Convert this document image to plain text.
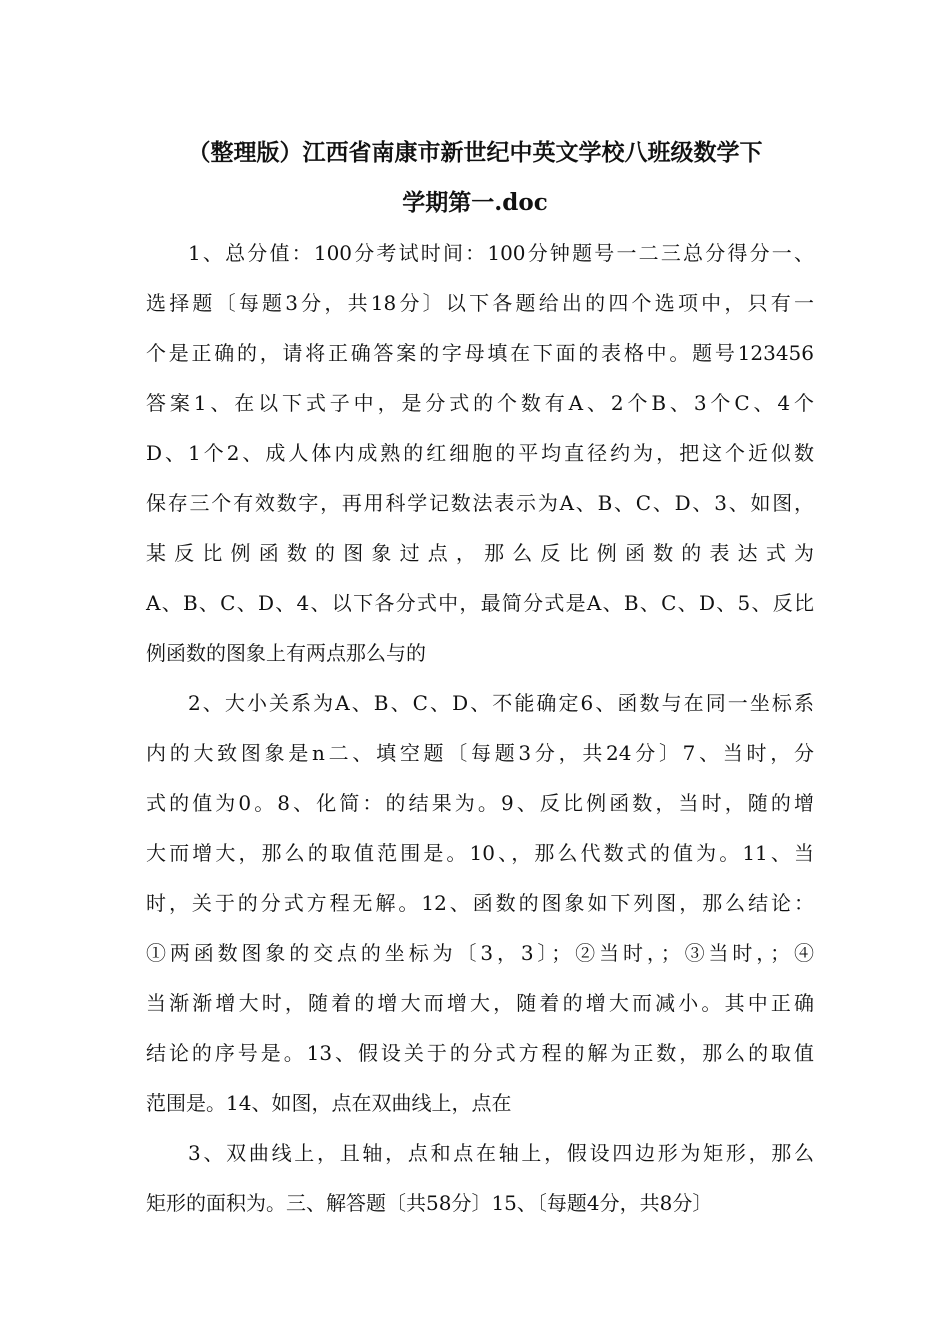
（整理版）江西省南康市新世纪中英文学校八班级数学下
学期第一.doc

1、总分值：100分考试时间：100分钟题号一二三总分得分一、
选择题〔每题3分，共18分〕以下各题给出的四个选项中，只有一
个是正确的，请将正确答案的字母填在下面的表格中。题号123456
答案1、在以下式子中，是分式的个数有A、2个B、3个C、4个
D、1个2、成人体内成熟的红细胞的平均直径约为，把这个近似数
保存三个有效数字，再用科学记数法表示为A、B、C、D、3、如图，
某反比例函数的图象过点，那么反比例函数的表达式为
A、B、C、D、4、以下各分式中，最简分式是A、B、C、D、5、反比
例函数的图象上有两点那么与的

2、大小关系为A、B、C、D、不能确定6、函数与在同一坐标系
内的大致图象是n二、填空题〔每题3分，共24分〕7、当时，分
式的值为0。8、化简：的结果为。9、反比例函数，当时，随的增
大而增大，那么的取值范围是。10、，那么代数式的值为。11、当
时，关于的分式方程无解。12、函数的图象如下列图，那么结论：
①两函数图象的交点的坐标为〔3，3〕；②当时，；③当时，；④
当渐渐增大时，随着的增大而增大，随着的增大而减小。其中正确
结论的序号是。13、假设关于的分式方程的解为正数，那么的取值
范围是。14、如图，点在双曲线上，点在

3、双曲线上，且轴，点和点在轴上，假设四边形为矩形，那么
矩形的面积为。三、解答题〔共58分〕15、〔每题4分，共8分〕
